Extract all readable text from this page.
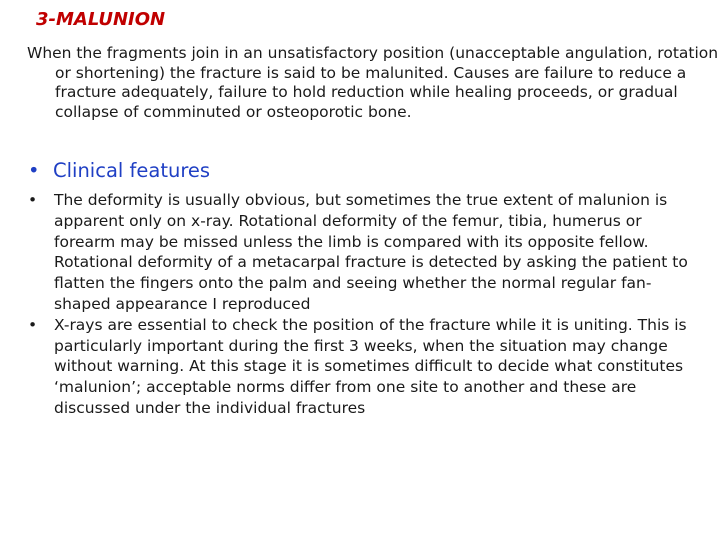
3-MALUNION
When the fragments join in an unsatisfactory position (unacceptable angulation, rotation or shortening) the fracture is said to be malunited. Causes are failure to reduce a fracture adequately, failure to hold reduction while healing proceeds, or gradual collapse of comminuted or osteoporotic bone.
• Clinical features
• The deformity is usually obvious, but sometimes the true extent of malunion is apparent only on x-ray. Rotational deformity of the femur, tibia, humerus or forearm may be missed unless the limb is compared with its opposite fellow. Rotational deformity of a metacarpal fracture is detected by asking the patient to flatten the fingers onto the palm and seeing whether the normal regular fan-shaped appearance I reproduced
• X-rays are essential to check the position of the fracture while it is uniting. This is particularly important during the first 3 weeks, when the situation may change without warning. At this stage it is sometimes difficult to decide what constitutes ‘malunion’; acceptable norms differ from one site to another and these are discussed under the individual fractures
